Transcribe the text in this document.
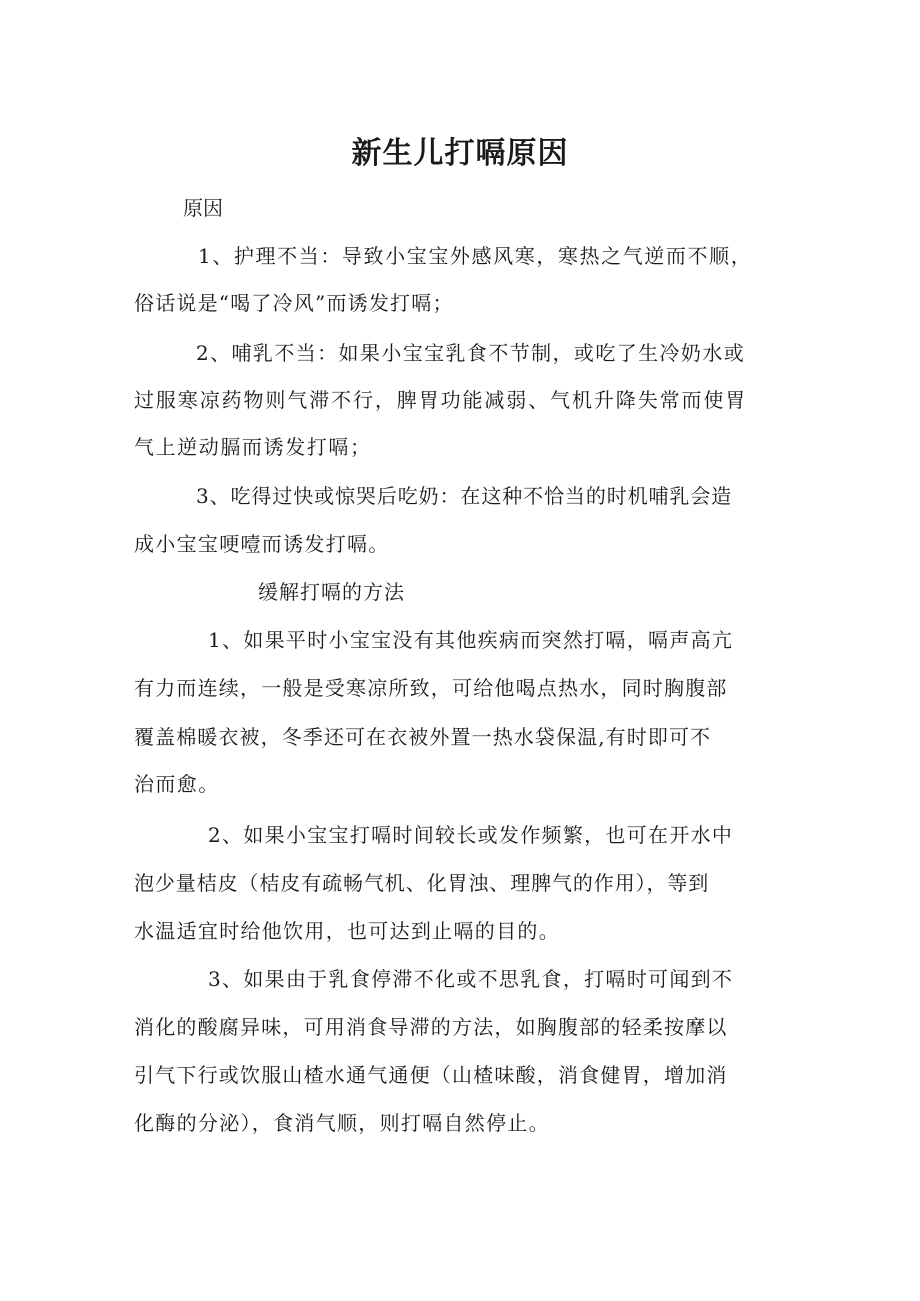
新生儿打嗝原因

原因

1、护理不当：导致小宝宝外感风寒，寒热之气逆而不顺，

俗话说是“喝了冷风”而诱发打嗝；

2、哺乳不当：如果小宝宝乳食不节制，或吃了生冷奶水或

过服寒凉药物则气滞不行，脾胃功能减弱、气机升降失常而使胃

气上逆动膈而诱发打嗝；

3、吃得过快或惊哭后吃奶：在这种不恰当的时机哺乳会造

成小宝宝哽噎而诱发打嗝。

缓解打嗝的方法

1、如果平时小宝宝没有其他疾病而突然打嗝，嗝声高亢

有力而连续，一般是受寒凉所致，可给他喝点热水，同时胸腹部

覆盖棉暖衣被，冬季还可在衣被外置一热水袋保温,有时即可不

治而愈。

2、如果小宝宝打嗝时间较长或发作频繁，也可在开水中

泡少量桔皮（桔皮有疏畅气机、化胃浊、理脾气的作用），等到

水温适宜时给他饮用，也可达到止嗝的目的。

3、如果由于乳食停滞不化或不思乳食，打嗝时可闻到不

消化的酸腐异味，可用消食导滞的方法，如胸腹部的轻柔按摩以

引气下行或饮服山楂水通气通便（山楂味酸，消食健胃，增加消

化酶的分泌），食消气顺，则打嗝自然停止。
